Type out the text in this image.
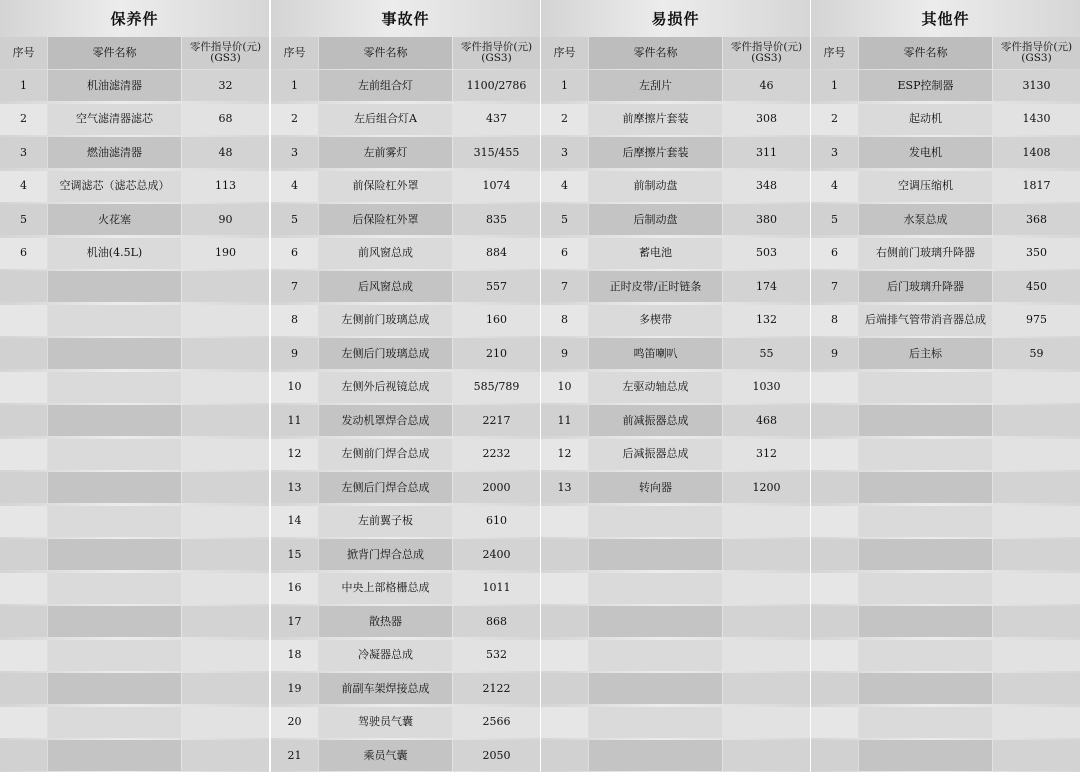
保养件
序号	零件名称	零件指导价(元)
(GS3)
1	机油滤清器	32
2	空气滤清器滤芯	68
3	燃油滤清器	48
4	空调滤芯（滤芯总成）	113
5	火花塞	90
6	机油(4.5L)	190
事故件
序号	零件名称	零件指导价(元)
(GS3)
1	左前组合灯	1100/2786
2	左后组合灯A	437
3	左前雾灯	315/455
4	前保险杠外罩	1074
5	后保险杠外罩	835
6	前风窗总成	884
7	后风窗总成	557
8	左侧前门玻璃总成	160
9	左侧后门玻璃总成	210
10	左侧外后视镜总成	585/789
11	发动机罩焊合总成	2217
12	左侧前门焊合总成	2232
13	左侧后门焊合总成	2000
14	左前翼子板	610
15	掀背门焊合总成	2400
16	中央上部格栅总成	1011
17	散热器	868
18	冷凝器总成	532
19	前副车架焊接总成	2122
20	驾驶员气囊	2566
21	乘员气囊	2050
易损件
序号	零件名称	零件指导价(元)
(GS3)
1	左刮片	46
2	前摩擦片套装	308
3	后摩擦片套装	311
4	前制动盘	348
5	后制动盘	380
6	蓄电池	503
7	正时皮带/正时链条	174
8	多楔带	132
9	鸣笛喇叭	55
10	左驱动轴总成	1030
11	前减振器总成	468
12	后减振器总成	312
13	转向器	1200
其他件
序号	零件名称	零件指导价(元)
(GS3)
1	ESP控制器	3130
2	起动机	1430
3	发电机	1408
4	空调压缩机	1817
5	水泵总成	368
6	右侧前门玻璃升降器	350
7	后门玻璃升降器	450
8	后端排气管带消音器总成	975
9	后主标	59
